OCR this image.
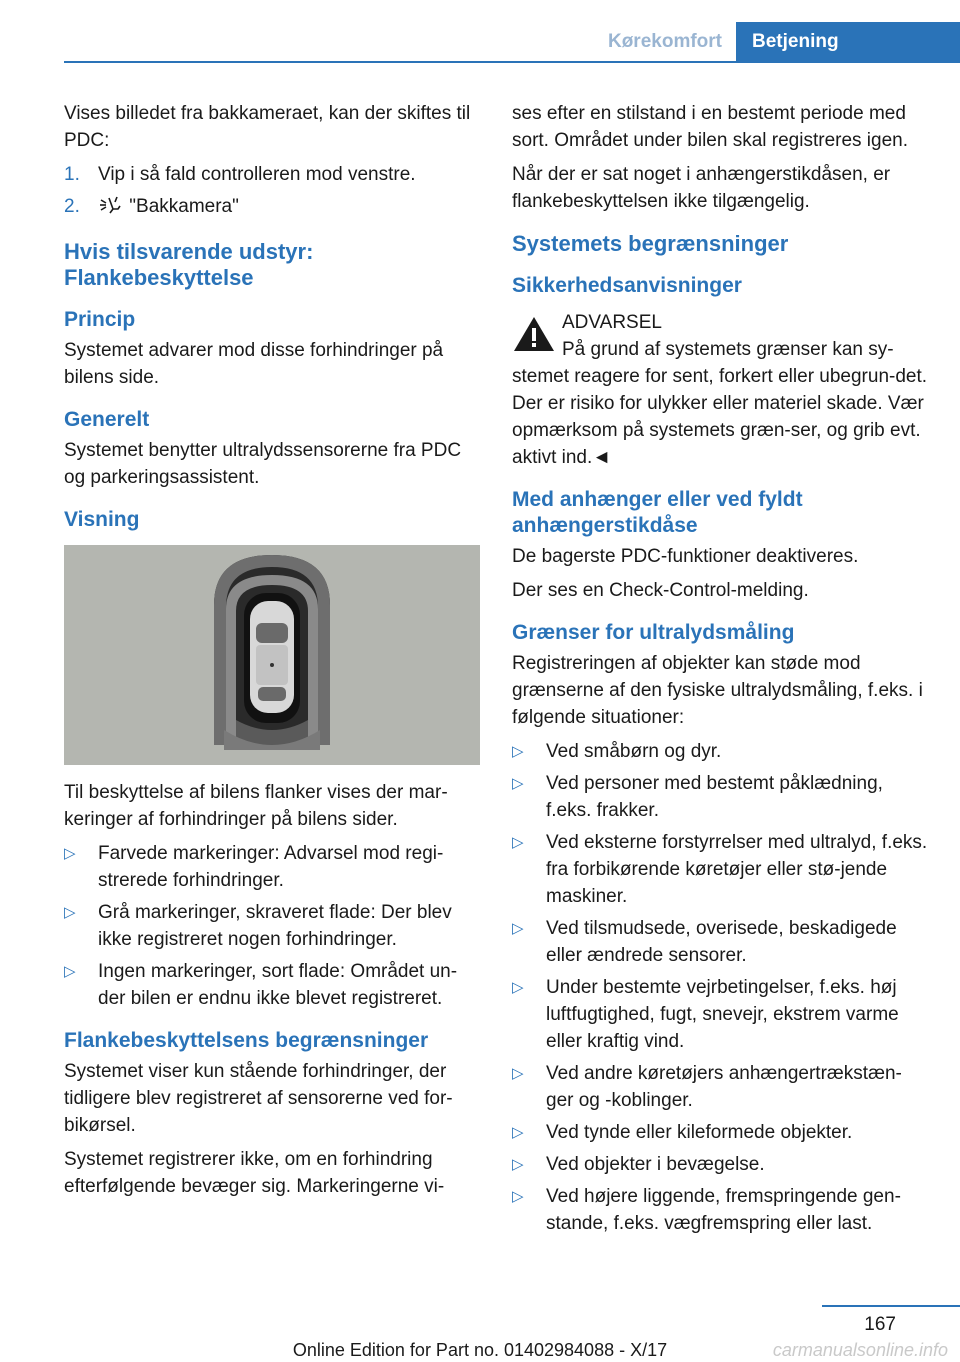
Kørekomfort	Betjening

Vises billedet fra bakkameraet, kan der skiftes til PDC:

1. Vip i så fald controlleren mod venstre.
2.	"Bakkamera"
Hvis tilsvarende udstyr: Flankebeskyttelse
Princip

Systemet advarer mod disse forhindringer på bilens side.

Generelt

Systemet benytter ultralydssensorerne fra PDC og parkeringsassistent.

Visning

Til beskyttelse af bilens flanker vises der mar-keringer af forhindringer på bilens sider.

▷ Farvede markeringer: Advarsel mod regi-strerede forhindringer.
▷ Grå markeringer, skraveret flade: Der blev ikke registreret nogen forhindringer.
▷ Ingen markeringer, sort flade: Området un-der bilen er endnu ikke blevet registreret.
Flankebeskyttelsens begrænsninger

Systemet viser kun stående forhindringer, der tidligere blev registreret af sensorerne ved for-bikørsel.

Systemet registrerer ikke, om en forhindring efterfølgende bevæger sig. Markeringerne vi-

ses efter en stilstand i en bestemt periode med sort. Området under bilen skal registreres igen.

Når der er sat noget i anhængerstikdåsen, er flankebeskyttelsen ikke tilgængelig.

Systemets begrænsninger
Sikkerhedsanvisninger

ADVARSEL

På grund af systemets grænser kan sy-

stemet reagere for sent, forkert eller ubegrun-det. Der er risiko for ulykker eller materiel skade. Vær opmærksom på systemets græn-ser, og grib evt. aktivt ind.◄

Med anhænger eller ved fyldt anhængerstikdåse

De bagerste PDC-funktioner deaktiveres.

Der ses en Check-Control-melding.

Grænser for ultralydsmåling

Registreringen af objekter kan støde mod grænserne af den fysiske ultralydsmåling, f.eks. i følgende situationer:

▷ Ved småbørn og dyr.
▷ Ved personer med bestemt påklædning, f.eks. frakker.
▷ Ved eksterne forstyrrelser med ultralyd, f.eks. fra forbikørende køretøjer eller stø-jende maskiner.
▷ Ved tilsmudsede, overisede, beskadigede eller ændrede sensorer.
▷ Under bestemte vejrbetingelser, f.eks. høj luftfugtighed, fugt, snevejr, ekstrem varme eller kraftig vind.
▷ Ved andre køretøjers anhængertrækstæn-ger og -koblinger.
▷ Ved tynde eller kileformede objekter.
▷ Ved objekter i bevægelse.
▷ Ved højere liggende, fremspringende gen-stande, f.eks. vægfremspring eller last.
167
Online Edition for Part no. 01402984088 - X/17	carmanualsonline.info
